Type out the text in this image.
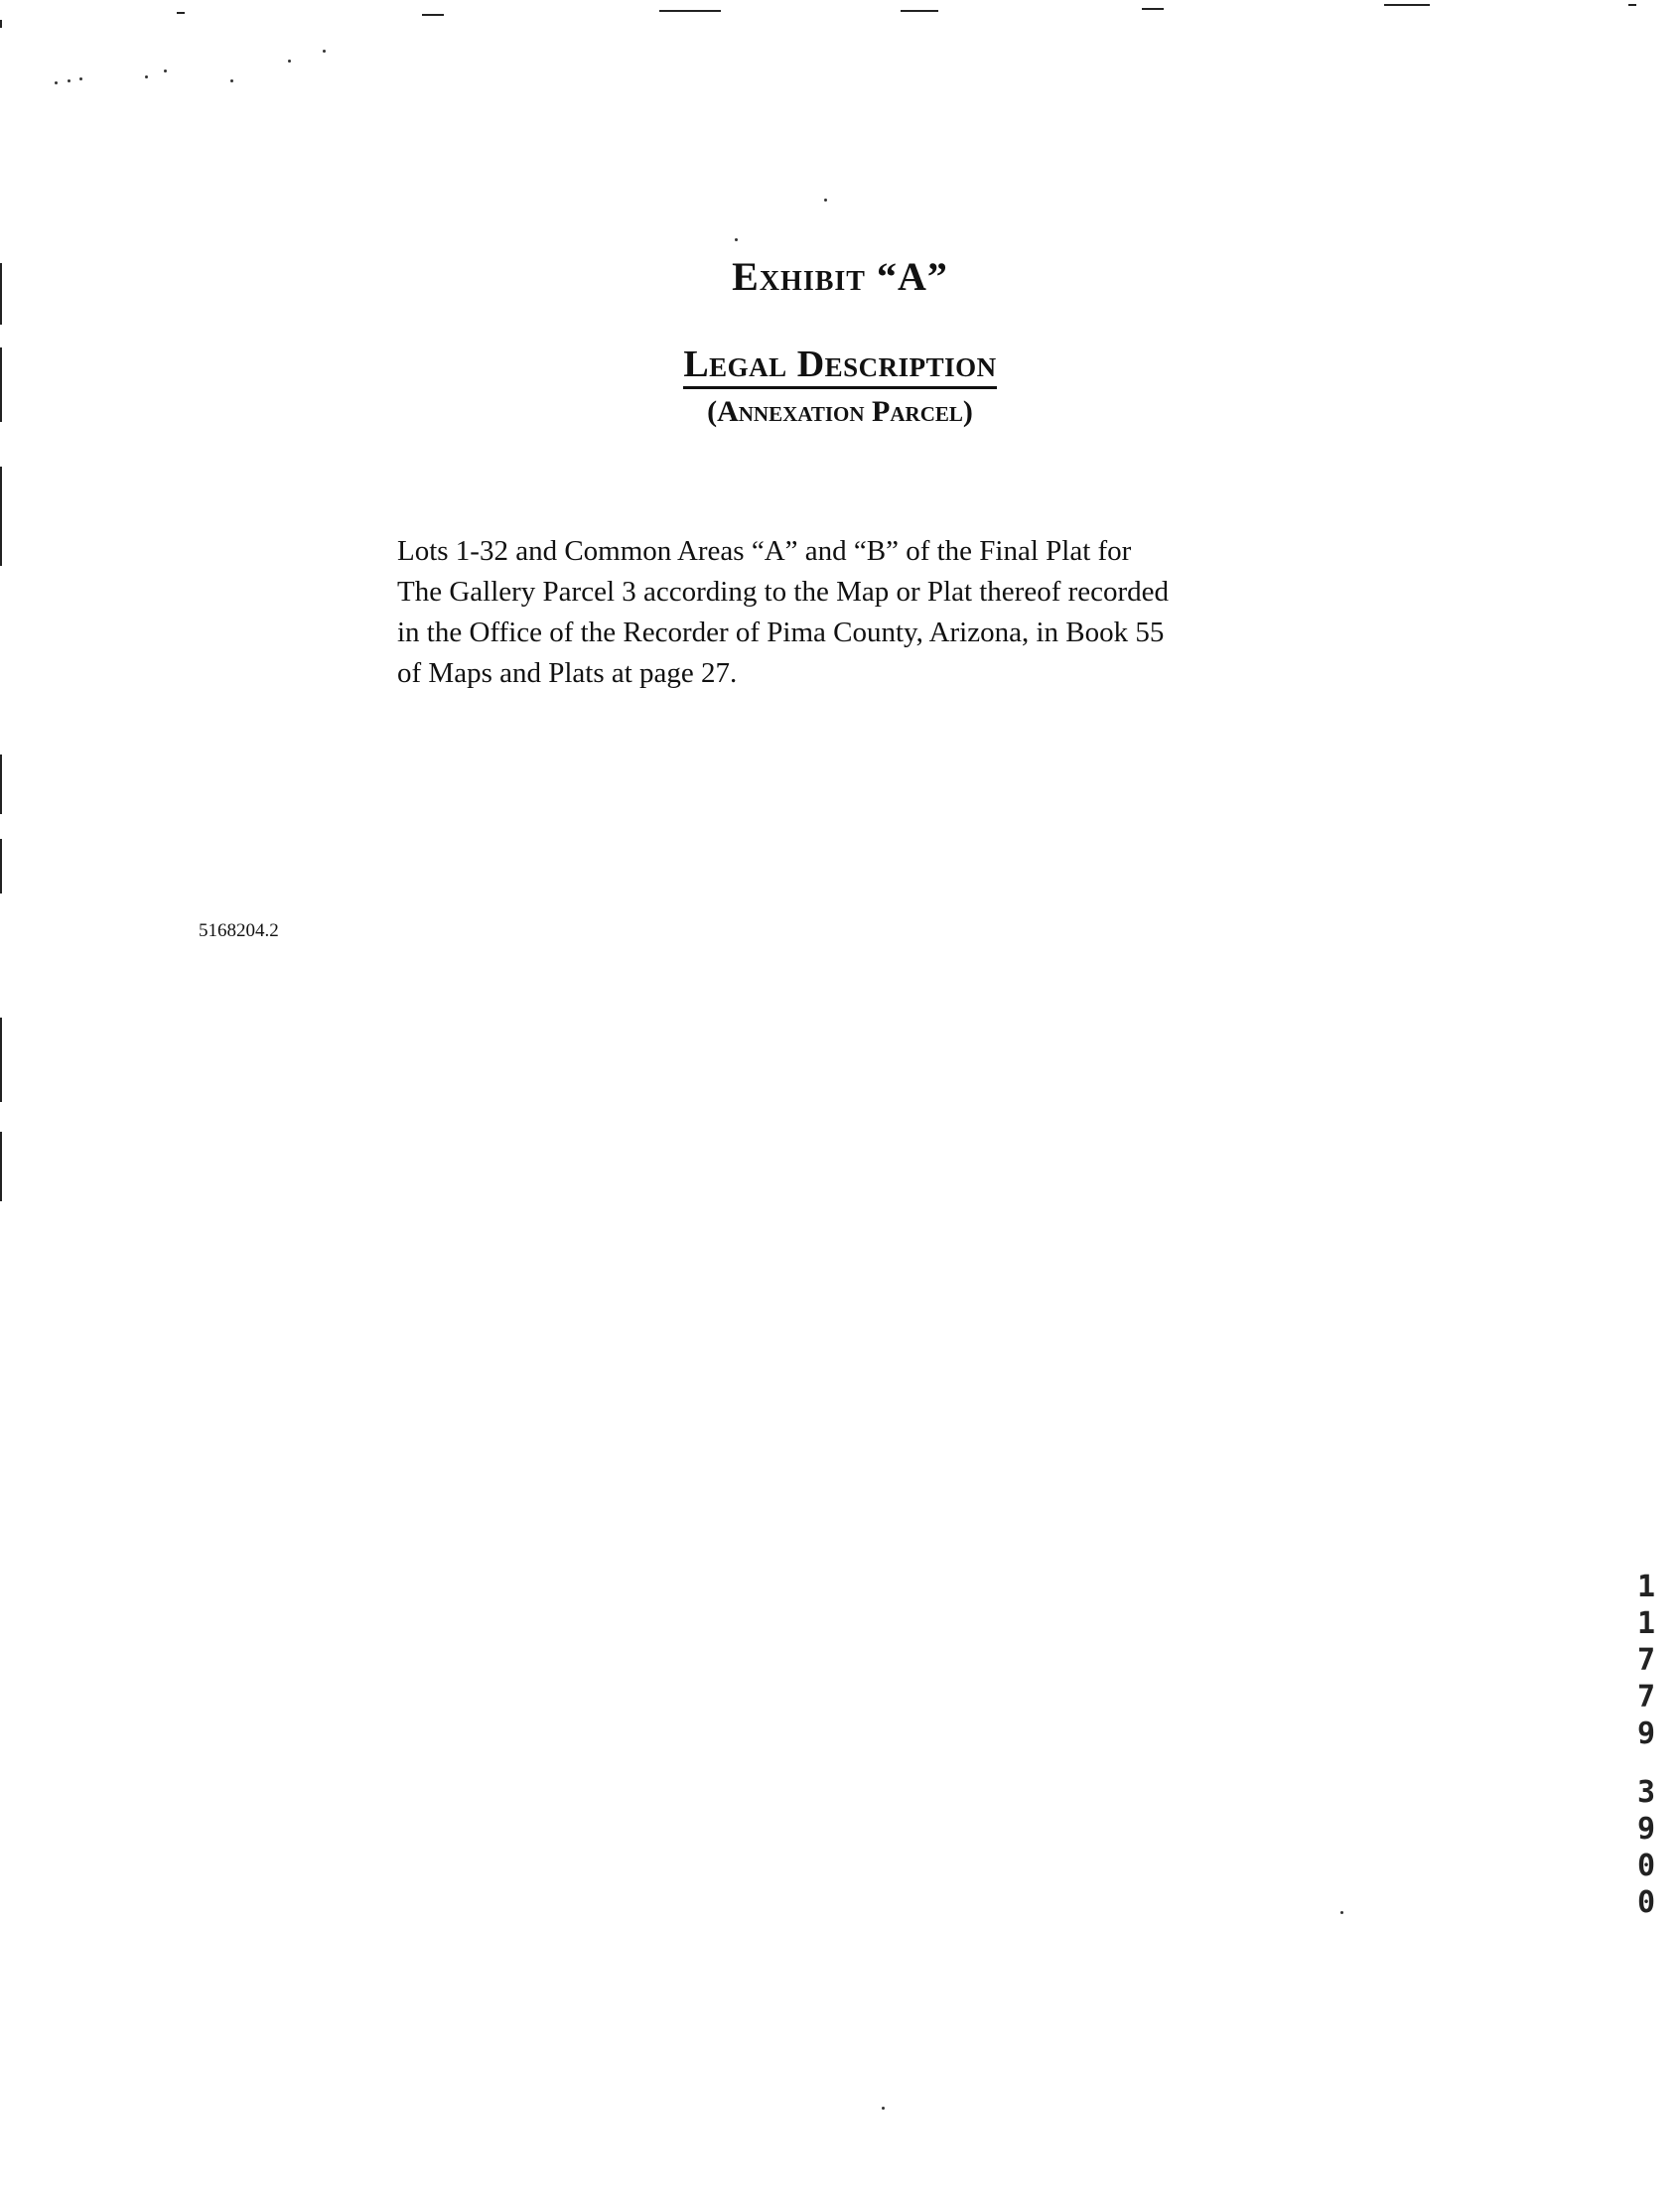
Exhibit “A”
Legal Description
(Annexation Parcel)
Lots 1-32 and Common Areas “A” and “B” of the Final Plat for
The Gallery Parcel 3 according to the Map or Plat thereof recorded
in the Office of the Recorder of Pima County, Arizona, in Book 55
of Maps and Plats at page 27.
5168204.2
1
1
7
7
9
3
9
0
0
